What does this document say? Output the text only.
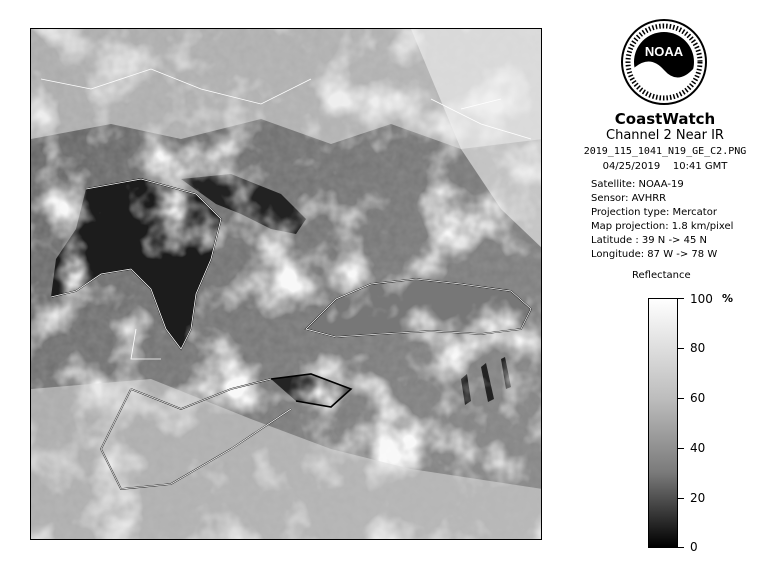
NOAA
CoastWatch
Channel 2 Near IR
2019_115_1041_N19_GE_C2.PNG
04/25/2019    10:41 GMT
Satellite: NOAA-19
Sensor: AVHRR
Projection type: Mercator
Map projection: 1.8 km/pixel
Latitude : 39 N -> 45 N
Longitude: 87 W -> 78 W
Reflectance
%
100
80
60
40
20
0
